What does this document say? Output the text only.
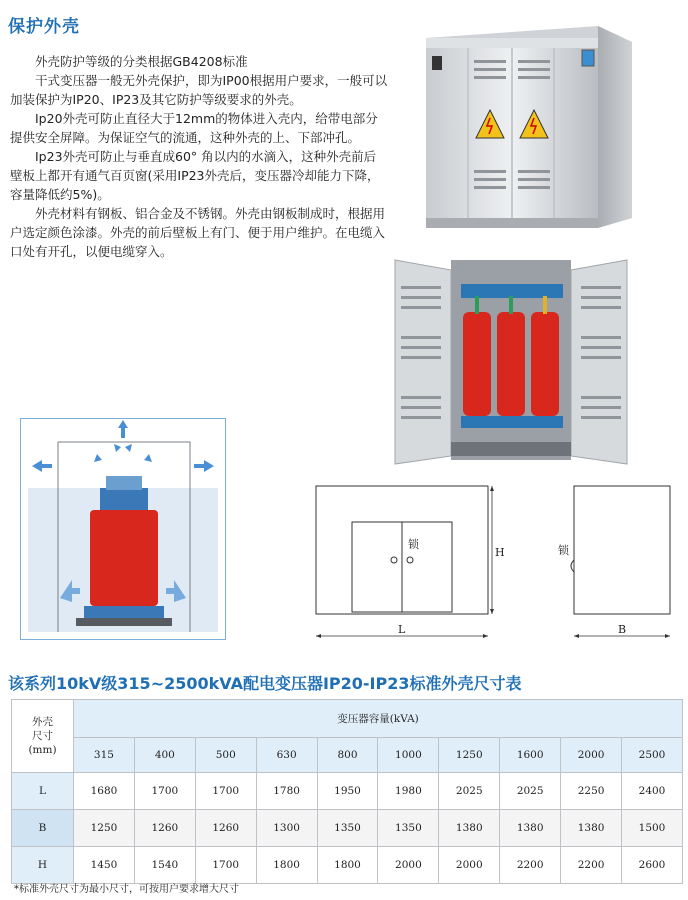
保护外壳

外壳防护等级的分类根据GB4208标准

干式变压器一般无外壳保护，即为IP00根据用户要求，一般可以加装保护为IP20、IP23及其它防护等级要求的外壳。

Ip20外壳可防止直径大于12mm的物体进入壳内，给带电部分提供安全屏障。为保证空气的流通，这种外壳的上、下部冲孔。

Ip23外壳可防止与垂直成60° 角以内的水滴入，这种外壳前后壁板上都开有通气百页窗(采用IP23外壳后，变压器冷却能力下降，容量降低约5%)。

外壳材料有钢板、铝合金及不锈钢。外壳由钢板制成时，根据用户选定颜色涂漆。外壳的前后壁板上有门、便于用户维护。在电缆入口处有开孔，以便电缆穿入。

锁
H
L
锁
B
该系列10kV级315~2500kVA配电变压器IP20-IP23标准外壳尺寸表
外壳
尺寸
(mm)	变压器容量(kVA)									
	315	400	500	630	800	1000	1250	1600	2000	2500
L	1680	1700	1700	1780	1950	1980	2025	2025	2250	2400
B	1250	1260	1260	1300	1350	1350	1380	1380	1380	1500
H	1450	1540	1700	1800	1800	2000	2000	2200	2200	2600
*标准外壳尺寸为最小尺寸，可按用户要求增大尺寸
